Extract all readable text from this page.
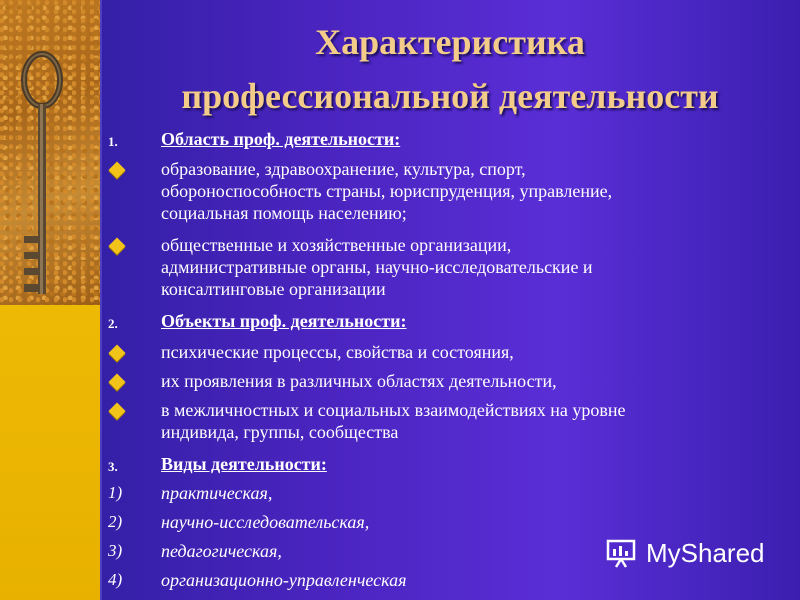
Характеристика
профессиональной деятельности
1.	Область проф. деятельности:
образование, здравоохранение, культура, спорт,
обороноспособность страны, юриспруденция, управление,
социальная помощь населению;
общественные и хозяйственные организации,
административные органы, научно-исследовательские и
консалтинговые организации
2.	Объекты проф. деятельности:
психические процессы, свойства и состояния,
их проявления в различных областях деятельности,
в межличностных и социальных взаимодействиях на уровне
индивида, группы, сообщества
3.	Виды деятельности:
1)	практическая,
2)	научно-исследовательская,
3)	педагогическая,
4)	организационно-управленческая
MyShared
